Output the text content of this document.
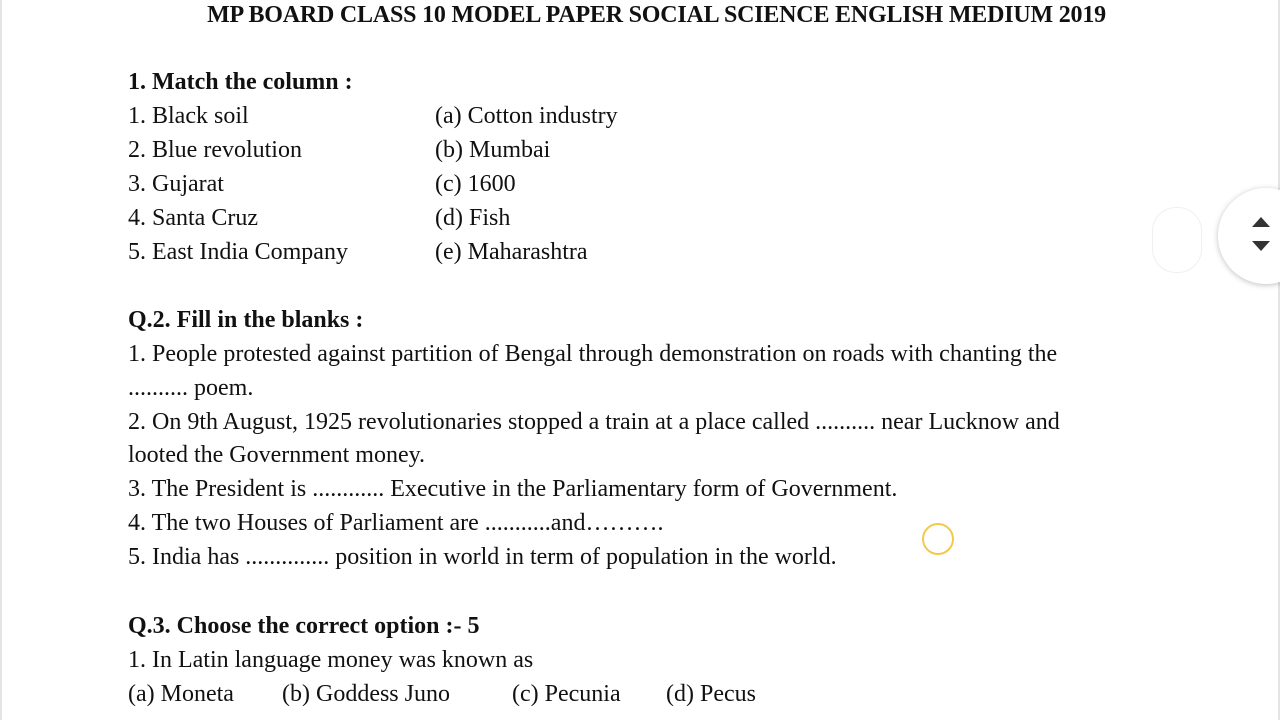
MP BOARD CLASS 10 MODEL PAPER SOCIAL SCIENCE ENGLISH MEDIUM 2019
1. Match the column :
1. Black soil
2. Blue revolution
3. Gujarat
4. Santa Cruz
5. East India Company
(a) Cotton industry
(b) Mumbai
(c) 1600
(d) Fish
(e) Maharashtra
Q.2. Fill in the blanks :
1. People protested against partition of Bengal through demonstration on roads with chanting the
.......... poem.
2. On 9th August, 1925 revolutionaries stopped a train at a place called .......... near Lucknow and
looted the Government money.
3. The President is ............ Executive in the Parliamentary form of Government.
4. The two Houses of Parliament are ...........and……….
5. India has .............. position in world in term of population in the world.
Q.3. Choose the correct option :- 5
1. In Latin language money was known as
(a) Moneta (b) Goddess Juno	(c) Pecunia (d) Pecus
